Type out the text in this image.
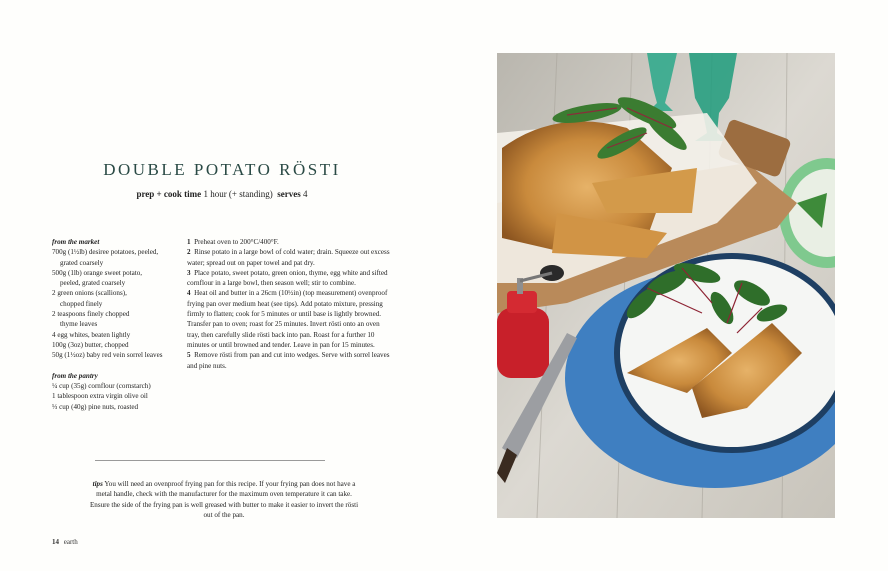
DOUBLE POTATO RÖSTI
prep + cook time 1 hour (+ standing) serves 4
from the market
700g (1½lb) desiree potatoes, peeled,
grated coarsely
500g (1lb) orange sweet potato,
peeled, grated coarsely
2 green onions (scallions),
chopped finely
2 teaspoons finely chopped
thyme leaves
4 egg whites, beaten lightly
100g (3oz) butter, chopped
50g (1½oz) baby red vein sorrel leaves

from the pantry
¼ cup (35g) cornflour (cornstarch)
1 tablespoon extra virgin olive oil
⅓ cup (40g) pine nuts, roasted
1 Preheat oven to 200°C/400°F.
2 Rinse potato in a large bowl of cold water; drain. Squeeze out excess water; spread out on paper towel and pat dry.
3 Place potato, sweet potato, green onion, thyme, egg white and sifted cornflour in a large bowl, then season well; stir to combine.
4 Heat oil and butter in a 26cm (10½in) (top measurement) ovenproof frying pan over medium heat (see tips). Add potato mixture, pressing firmly to flatten; cook for 5 minutes or until base is lightly browned. Transfer pan to oven; roast for 25 minutes. Invert rösti onto an oven tray, then carefully slide rösti back into pan. Roast for a further 10 minutes or until browned and tender. Leave in pan for 15 minutes.
5 Remove rösti from pan and cut into wedges. Serve with sorrel leaves and pine nuts.
tips You will need an ovenproof frying pan for this recipe. If your frying pan does not have a metal handle, check with the manufacturer for the maximum oven temperature it can take. Ensure the side of the frying pan is well greased with butter to make it easier to invert the rösti out of the pan.
14 earth
